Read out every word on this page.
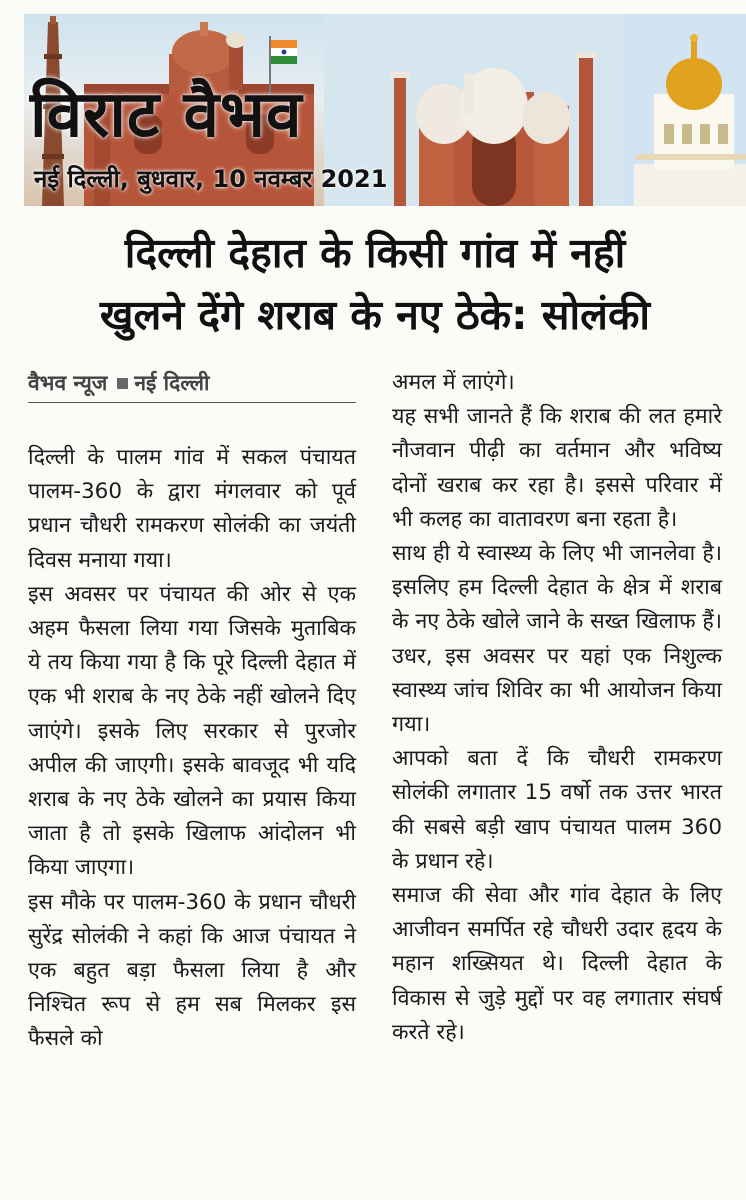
विराट वैभव
नई दिल्ली, बुधवार, 10 नवम्बर 2021
दिल्ली देहात के किसी गांव में नहीं
खुलने देंगे शराब के नए ठेके: सोलंकी
वैभव न्यूज नई दिल्ली

दिल्ली के पालम गांव में सकल पंचायत पालम-360 के द्वारा मंगलवार को पूर्व प्रधान चौधरी रामकरण सोलंकी का जयंती दिवस मनाया गया।

इस अवसर पर पंचायत की ओर से एक अहम फैसला लिया गया जिसके मुताबिक ये तय किया गया है कि पूरे दिल्ली देहात में एक भी शराब के नए ठेके नहीं खोलने दिए जाएंगे। इसके लिए सरकार से पुरजोर अपील की जाएगी। इसके बावजूद भी यदि शराब के नए ठेके खोलने का प्रयास किया जाता है तो इसके खिलाफ आंदोलन भी किया जाएगा।

इस मौके पर पालम-360 के प्रधान चौधरी सुरेंद्र सोलंकी ने कहां कि आज पंचायत ने एक बहुत बड़ा फैसला लिया है और निश्चित रूप से हम सब मिलकर इस फैसले को

अमल में लाएंगे।

यह सभी जानते हैं कि शराब की लत हमारे नौजवान पीढ़ी का वर्तमान और भविष्य दोनों खराब कर रहा है। इससे परिवार में भी कलह का वातावरण बना रहता है।

साथ ही ये स्वास्थ्य के लिए भी जानलेवा है। इसलिए हम दिल्ली देहात के क्षेत्र में शराब के नए ठेके खोले जाने के सख्त खिलाफ हैं। उधर, इस अवसर पर यहां एक निशुल्क स्वास्थ्य जांच शिविर का भी आयोजन किया गया।

आपको बता दें कि चौधरी रामकरण सोलंकी लगातार 15 वर्षो तक उत्तर भारत की सबसे बड़ी खाप पंचायत पालम 360 के प्रधान रहे।

समाज की सेवा और गांव देहात के लिए आजीवन समर्पित रहे चौधरी उदार हृदय के महान शख्सियत थे। दिल्ली देहात के विकास से जुड़े मुद्दों पर वह लगातार संघर्ष करते रहे।
